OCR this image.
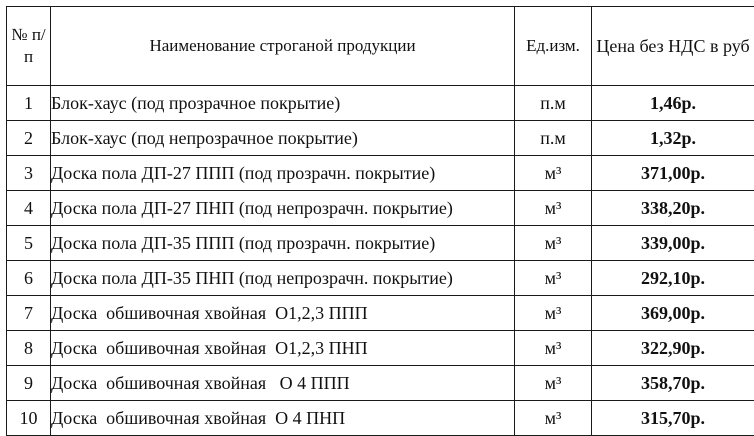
№ п/п	Наименование строганой продукции	Ед.изм.	Цена без НДС в руб
1	Блок-хаус (под прозрачное покрытие)	п.м	1,46р.
2	Блок-хаус (под непрозрачное покрытие)	п.м	1,32р.
3	Доска пола ДП-27 ППП (под прозрачн. покрытие)	м³	371,00р.
4	Доска пола ДП-27 ПНП (под непрозрачн. покрытие)	м³	338,20р.
5	Доска пола ДП-35 ППП (под прозрачн. покрытие)	м³	339,00р.
6	Доска пола ДП-35 ПНП (под непрозрачн. покрытие)	м³	292,10р.
7	Доска  обшивочная хвойная  О1,2,3 ППП	м³	369,00р.
8	Доска  обшивочная хвойная  О1,2,3 ПНП	м³	322,90р.
9	Доска  обшивочная хвойная   О 4 ППП	м³	358,70р.
10	Доска  обшивочная хвойная  О 4 ПНП	м³	315,70р.
